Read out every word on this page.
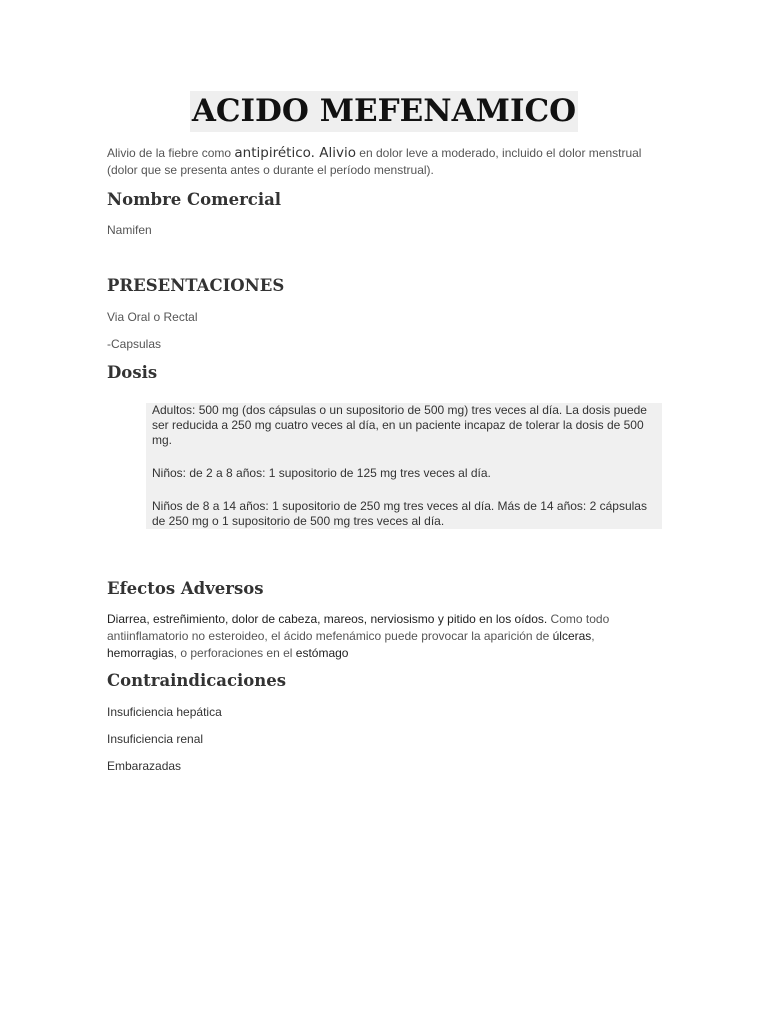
ACIDO MEFENAMICO
Alivio de la fiebre como antipirético. Alivio en dolor leve a moderado, incluido el dolor menstrual (dolor que se presenta antes o durante el período menstrual).
Nombre Comercial
Namifen
PRESENTACIONES
Via Oral o Rectal
-Capsulas
Dosis

Adultos: 500 mg (dos cápsulas o un supositorio de 500 mg) tres veces al día. La dosis puede ser reducida a 250 mg cuatro veces al día, en un paciente incapaz de tolerar la dosis de 500 mg.

Niños: de 2 a 8 años: 1 supositorio de 125 mg tres veces al día.

Niños de 8 a 14 años: 1 supositorio de 250 mg tres veces al día. Más de 14 años: 2 cápsulas de 250 mg o 1 supositorio de 500 mg tres veces al día.

Efectos Adversos
Diarrea, estreñimiento, dolor de cabeza, mareos, nerviosismo y pitido en los oídos. Como todo antiinflamatorio no esteroideo, el ácido mefenámico puede provocar la aparición de úlceras, hemorragias, o perforaciones en el estómago
Contraindicaciones
Insuficiencia hepática
Insuficiencia renal
Embarazadas
